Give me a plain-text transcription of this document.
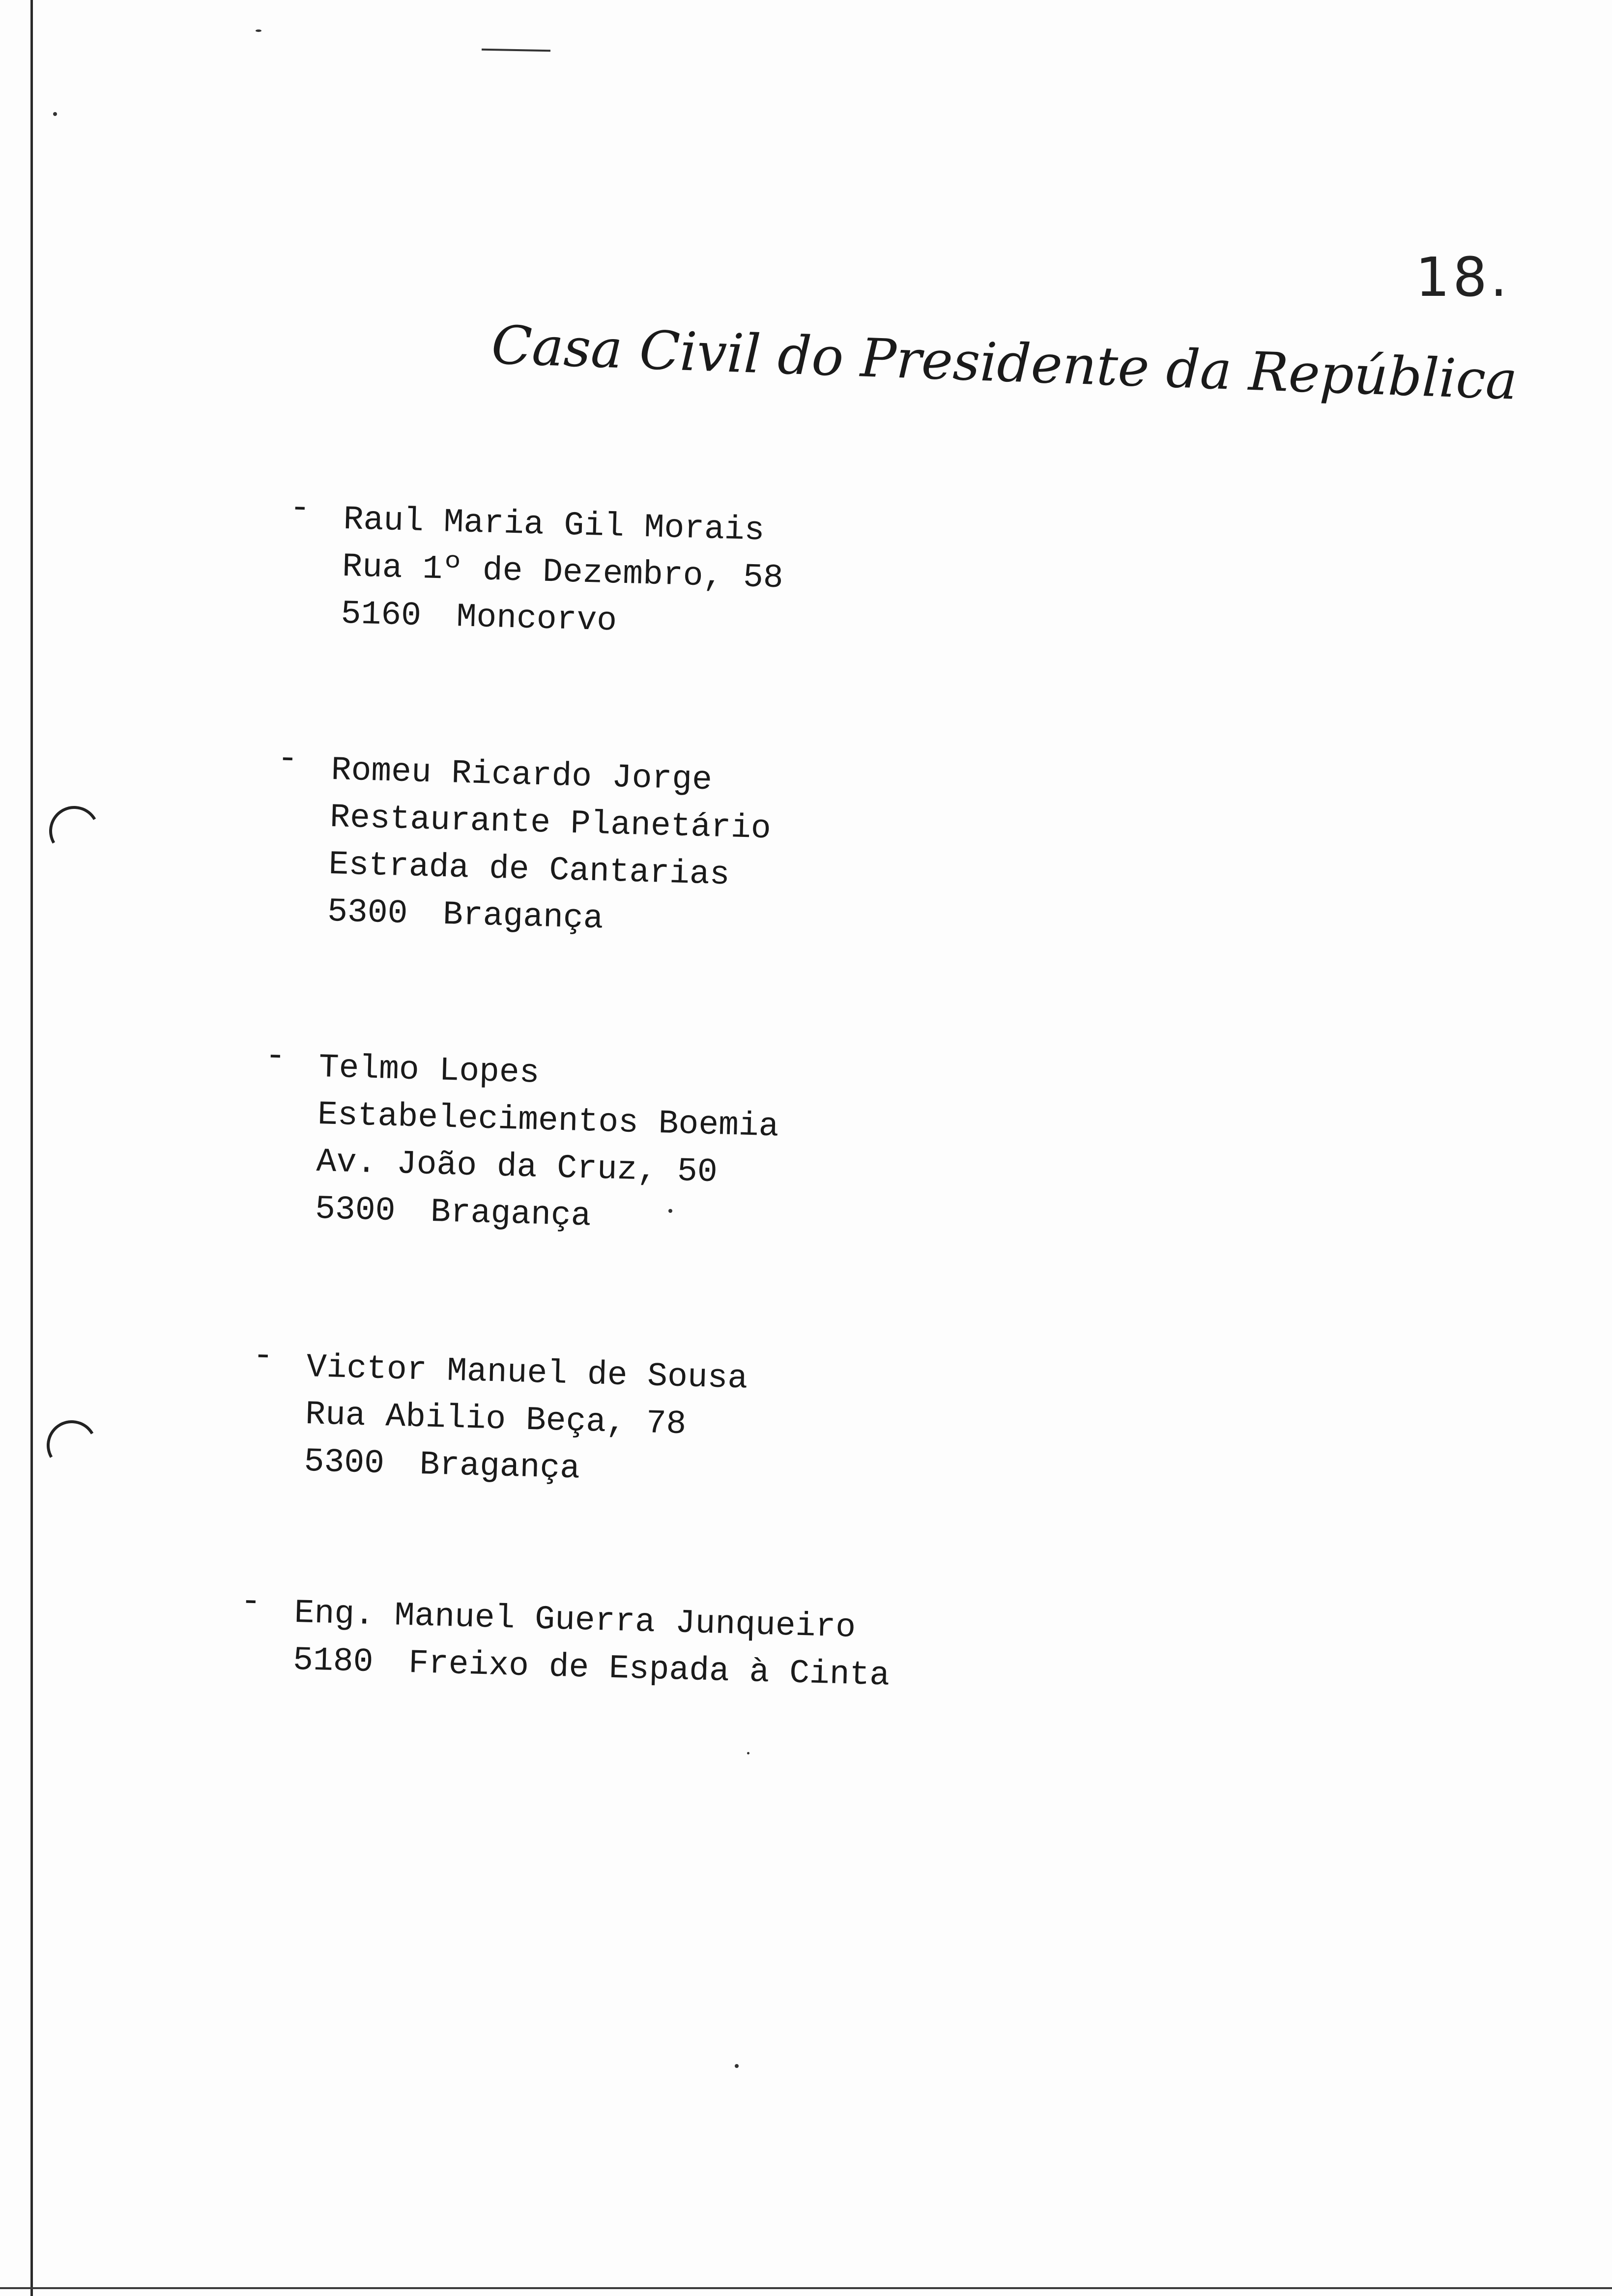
18.
Casa Civil do Presidente da República
- Raul Maria Gil Morais
Rua 1º de Dezembro, 58
5160 Moncorvo
- Romeu Ricardo Jorge
Restaurante Planetário
Estrada de Cantarias
5300 Bragança
- Telmo Lopes
Estabelecimentos Boemia
Av. João da Cruz, 50
5300 Bragança
- Victor Manuel de Sousa
Rua Abilio Beça, 78
5300 Bragança
- Eng. Manuel Guerra Junqueiro
5180 Freixo de Espada à Cinta
